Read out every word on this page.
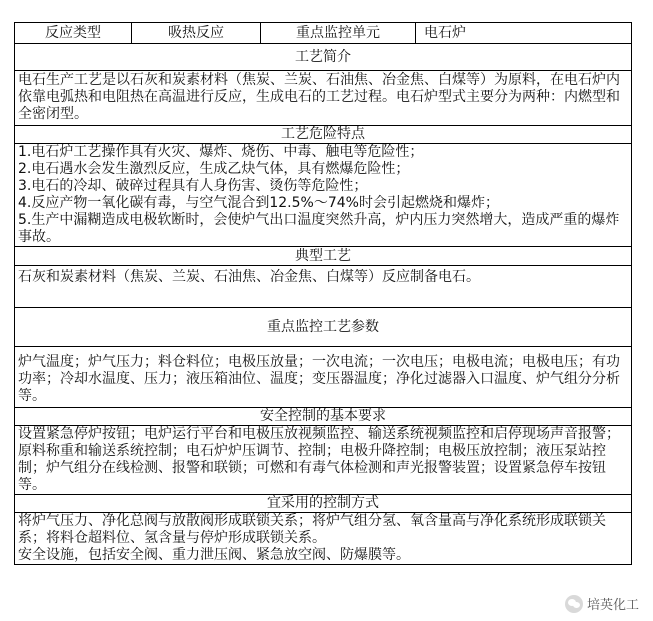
反应类型	吸热反应	重点监控单元	电石炉
工艺简介

电石生产工艺是以石灰和炭素材料（焦炭、兰炭、石油焦、冶金焦、白煤等）为原料，在电石炉内依靠电弧热和电阻热在高温进行反应，生成电石的工艺过程。电石炉型式主要分为两种：内燃型和全密闭型。

工艺危险特点

1.电石炉工艺操作具有火灾、爆炸、烧伤、中毒、触电等危险性；
2.电石遇水会发生激烈反应，生成乙炔气体，具有燃爆危险性；
3.电石的冷却、破碎过程具有人身伤害、烫伤等危险性；
4.反应产物一氧化碳有毒，与空气混合到12.5%～74%时会引起燃烧和爆炸；
5.生产中漏糊造成电极软断时，会使炉气出口温度突然升高，炉内压力突然增大，造成严重的爆炸事故。

典型工艺

石灰和炭素材料（焦炭、兰炭、石油焦、冶金焦、白煤等）反应制备电石。

重点监控工艺参数

炉气温度；炉气压力；料仓料位；电极压放量；一次电流；一次电压；电极电流；电极电压；有功功率；冷却水温度、压力；液压箱油位、温度；变压器温度；净化过滤器入口温度、炉气组分分析等。

安全控制的基本要求

设置紧急停炉按钮；电炉运行平台和电极压放视频监控、输送系统视频监控和启停现场声音报警；原料称重和输送系统控制；电石炉炉压调节、控制；电极升降控制；电极压放控制；液压泵站控制；炉气组分在线检测、报警和联锁；可燃和有毒气体检测和声光报警装置；设置紧急停车按钮等。

宜采用的控制方式

将炉气压力、净化总阀与放散阀形成联锁关系；将炉气组分氢、氧含量高与净化系统形成联锁关系；将料仓超料位、氢含量与停炉形成联锁关系。
安全设施，包括安全阀、重力泄压阀、紧急放空阀、防爆膜等。
培英化工
